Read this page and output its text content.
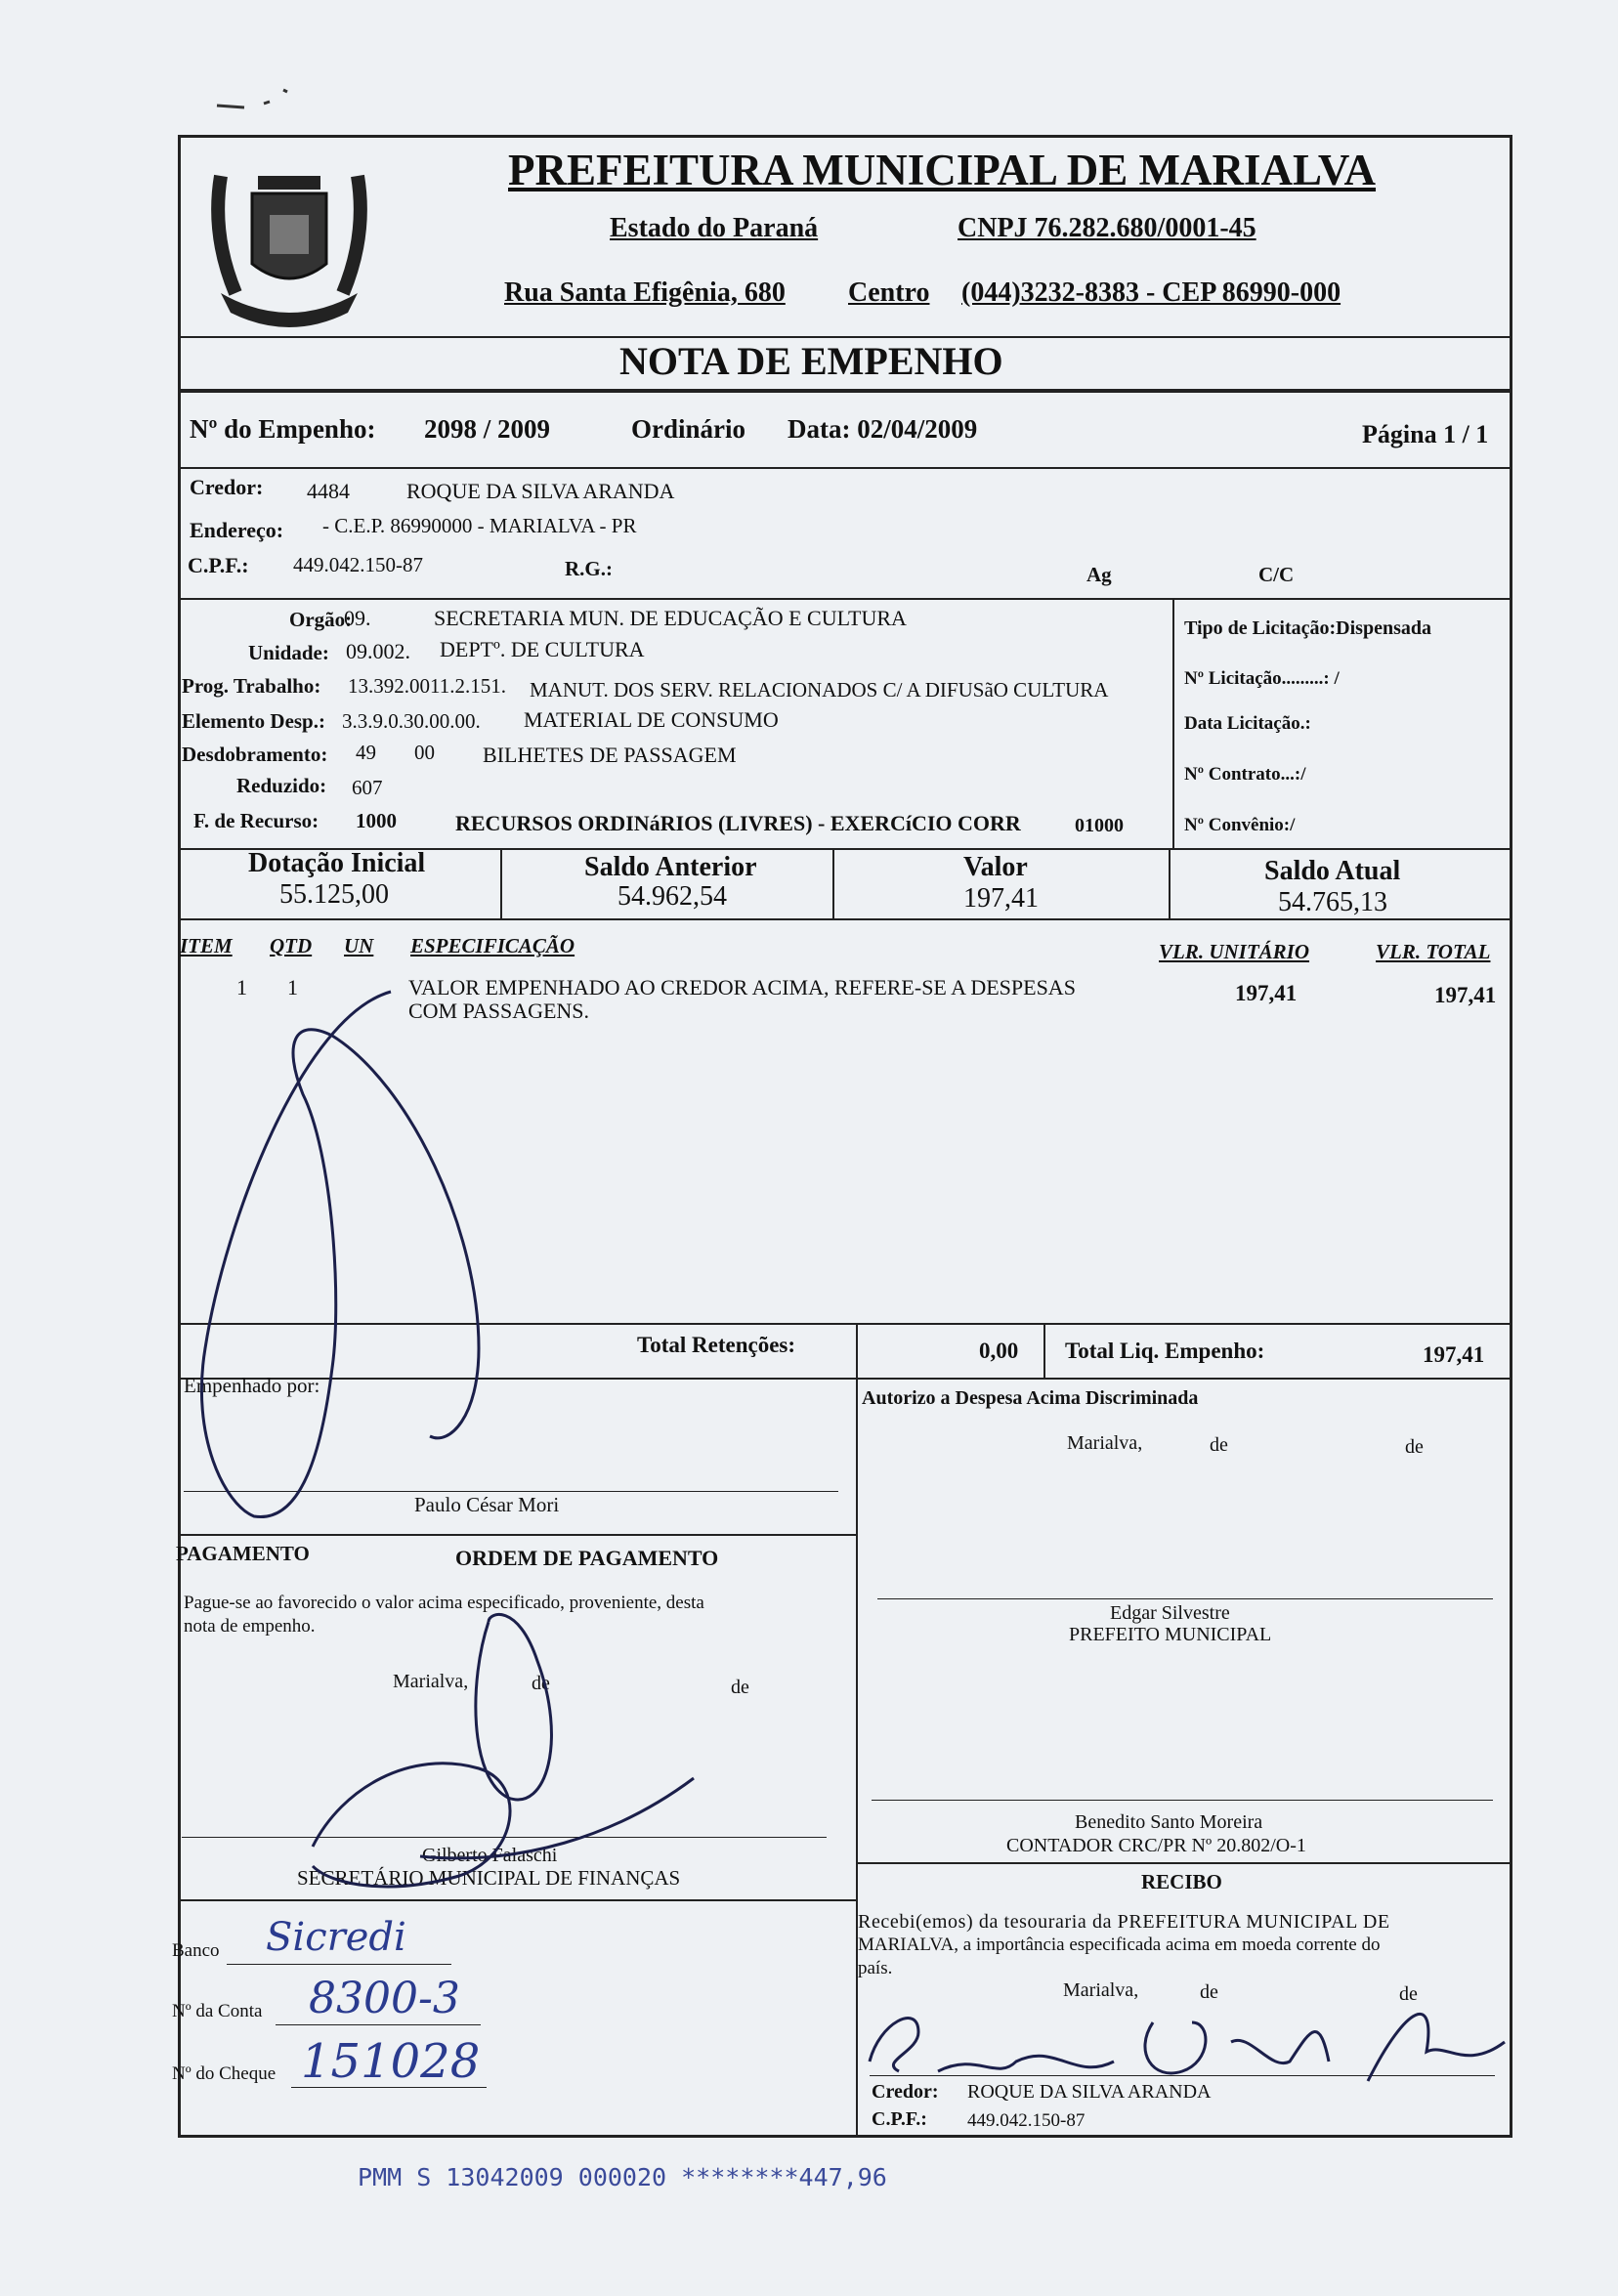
PREFEITURA MUNICIPAL DE MARIALVA
Estado do Paraná	CNPJ 76.282.680/0001-45
Rua Santa Efigênia, 680 Centro (044)3232-8383 - CEP 86990-000
NOTA DE EMPENHO
Nº do Empenho: 2098 / 2009	Ordinário Data: 02/04/2009	Página 1 / 1
Credor: 4484	ROQUE DA SILVA ARANDA
Endereço: - C.E.P. 86990000 - MARIALVA - PR
C.P.F.: 449.042.150-87	R.G.:	Ag	C/C
Orgão:
09.	SECRETARIA MUN. DE EDUCAÇÃO E CULTURA
Unidade: 09.002. DEPTº. DE CULTURA
Prog. Trabalho: 13.392.0011.2.151. MANUT. DOS SERV. RELACIONADOS C/ A DIFUSãO CULTURA
Elemento Desp.: 3.3.9.0.30.00.00. MATERIAL DE CONSUMO
Desdobramento: 49 00 BILHETES DE PASSAGEM
Reduzido: 607
F. de Recurso: 1000	RECURSOS ORDINáRIOS (LIVRES) - EXERCíCIO CORR	01000
Tipo de Licitação:Dispensada
Nº Licitação.........: /
Data Licitação.:
Nº Contrato...:/
Nº Convênio:/
Dotação Inicial
55.125,00
Saldo Anterior
54.962,54
Valor
197,41
Saldo Atual
54.765,13
ITEM QTD UN ESPECIFICAÇÃO	VLR. UNITÁRIO	VLR. TOTAL
1 1	VALOR EMPENHADO AO CREDOR ACIMA, REFERE-SE A DESPESAS
COM PASSAGENS.
197,41	197,41
Total Retenções:	0,00 Total Liq. Empenho:	197,41
Empenhado por:
Paulo César Mori
Autorizo a Despesa Acima Discriminada
Marialva,	de	de
Edgar Silvestre
PREFEITO MUNICIPAL
PAGAMENTO	ORDEM DE PAGAMENTO
Pague-se ao favorecido o valor acima especificado, proveniente, desta
nota de empenho.
Marialva,	de	de
Gilberto Falaschi
SECRETÁRIO MUNICIPAL DE FINANÇAS
Banco Sicredi
Nº da Conta 8300-3
Nº do Cheque 151028
Benedito Santo Moreira
CONTADOR CRC/PR Nº 20.802/O-1
RECIBO
Recebi(emos) da tesouraria da PREFEITURA MUNICIPAL DE
MARIALVA, a importância especificada acima em moeda corrente do
país.
Marialva,	de	de
Credor: ROQUE DA SILVA ARANDA
C.P.F.: 449.042.150-87
PMM S 13042009 000020 ********447,96
